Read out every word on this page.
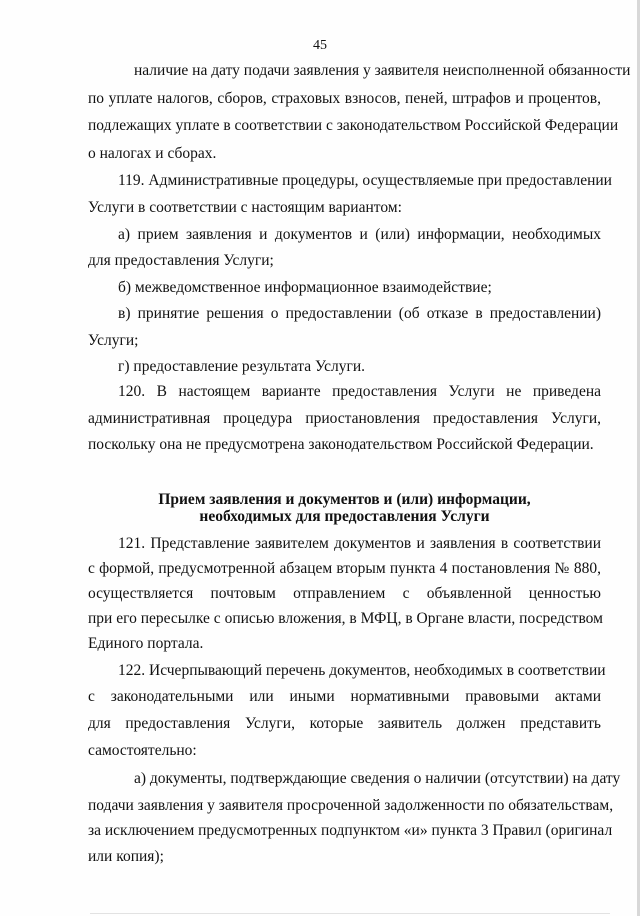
45
наличие на дату подачи заявления у заявителя неисполненной обязанности
по уплате налогов, сборов, страховых взносов, пеней, штрафов и процентов,
подлежащих уплате в соответствии с законодательством Российской Федерации
о налогах и сборах.
119. Административные процедуры, осуществляемые при предоставлении
Услуги в соответствии с настоящим вариантом:
а) прием заявления и документов и (или) информации, необходимых
для предоставления Услуги;
б) межведомственное информационное взаимодействие;
в) принятие решения о предоставлении (об отказе в предоставлении)
Услуги;
г) предоставление результата Услуги.
120. В настоящем варианте предоставления Услуги не приведена
административная процедура приостановления предоставления Услуги,
поскольку она не предусмотрена законодательством Российской Федерации.
Прием заявления и документов и (или) информации,
необходимых для предоставления Услуги
121. Представление заявителем документов и заявления в соответствии
с формой, предусмотренной абзацем вторым пункта 4 постановления № 880,
осуществляется почтовым отправлением с объявленной ценностью
при его пересылке с описью вложения, в МФЦ, в Органе власти, посредством
Единого портала.
122. Исчерпывающий перечень документов, необходимых в соответствии
с законодательными или иными нормативными правовыми актами
для предоставления Услуги, которые заявитель должен представить
самостоятельно:
а) документы, подтверждающие сведения о наличии (отсутствии) на дату
подачи заявления у заявителя просроченной задолженности по обязательствам,
за исключением предусмотренных подпунктом «и» пункта 3 Правил (оригинал
или копия);
